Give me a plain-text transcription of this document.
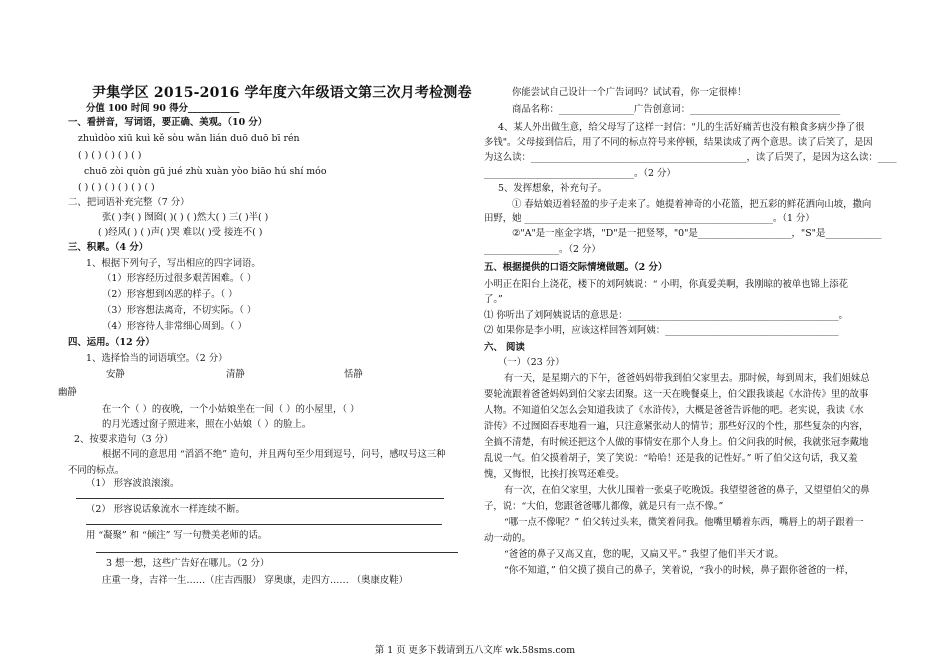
尹集学区 2015-2016 学年度六年级语文第三次月考检测卷
分值 100 时间 90 得分___________
一、看拼音，写词语，要正确、美观。（10 分）
zhuìdòo xiū kuì kě sòu wǎn lián duō duō bī rén
( ) ( ) ( ) ( ) ( )
chuō zòi quòn gū jué zhù xuàn yòo biāo hú shí móo
( ) ( ) ( ) ( ) ( ) ( )
二、把词语补充完整（7 分）
张( )李( ) 囫囵( )( ) ( )然大( ) 三( )半( )
( )经风( ) ( )声( )哭 难以( )受 接连不( )
三、积累。（4 分）
1、根据下列句子，写出相应的四字词语。
（1）形容经历过很多艰苦困难。（ ）
（2）形容想到凶恶的样子。（ ）
（3）形容想法离奇，不切实际。（ ）
（4）形容待人非常细心周到。（ ）
四、运用。（12 分）
1、选择恰当的词语填空。（2 分）
安静	清静	恬静
幽静
在一个（ ）的夜晚，一个小姑娘坐在一间（ ）的小屋里，（ ）
的月光透过窗子照进来，照在小姑娘（ ）的脸上。
2、按要求造句（3 分）
根据不同的意思用 “滔滔不绝” 造句，并且两句至少用到逗号，问号，感叹号这三种
不同的标点。
（1） 形容波浪滚滚。
（2） 形容说话象流水一样连续不断。
用 “凝聚” 和 “倾注” 写一句赞美老师的话。
3 想一想，这些广告好在哪儿。（2 分）
庄重一身，吉祥一生……（庄吉西服） 穿奥康，走四方…… （奥康皮鞋）
你能尝试自己设计一个广告词吗？试试看，你一定很棒！
商品名称：________________广告创意词：________________________________
4、某人外出做生意，给父母写了这样一封信："儿的生活好痛苦也没有粮食多病少挣了很
多钱"。父母接到信后，用了不同的标点符号来停顿，结果读成了两个意思。读了后笑了，是因
为这么读：______________________________________________，读了后哭了，是因为这么读：____
________________________________。（2 分）
5、发挥想象，补充句子。
① 春姑娘迈着轻盈的步子走来了。她提着神奇的小花篮，把五彩的鲜花洒向山坡，撒向
田野，她 _____________________________________________________。（1 分）
②"A"是一座金字塔，"D"是一把竖琴，"0"是____________________，"S"是____________
________________。（2 分）
五、根据提供的口语交际情境做题。（2 分）
小明正在阳台上浇花，楼下的刘阿姨说：“ 小明，你真爱美啊，我刚晾的被单也锦上添花
了。”
⑴ 你听出了刘阿姨说话的意思是：_____________________________________________。
⑵ 如果你是李小明，应该这样回答刘阿姨：_____________________________________
六、 阅读
（一）（23 分）
有一天，是星期六的下午，爸爸妈妈带我到伯父家里去。那时候，每到周末，我们姐妹总
要轮流跟着爸爸妈妈到伯父家去团聚。这一天在晚餐桌上，伯父跟我谈起《水浒传》里的故事
人物。不知道伯父怎么会知道我读了《水浒传》，大概是爸爸告诉他的吧。老实说，我读《水
浒传》不过囫囵吞枣地看一遍，只注意紧张动人的情节；那些好汉的个性，那些复杂的内容，
全搞不清楚，有时候还把这个人做的事情安在那个人身上。伯父问我的时候，我就张冠李戴地
乱说一气。伯父摸着胡子，笑了笑说：“哈哈！还是我的记性好。” 听了伯父这句话，我又羞
愧，又悔恨，比挨打挨骂还难受。
有一次，在伯父家里，大伙儿围着一张桌子吃晚饭。我望望爸爸的鼻子，又望望伯父的鼻
子，说：“大伯，您跟爸爸哪儿都像，就是只有一点不像。”
“哪一点不像呢？” 伯父转过头来，微笑着问我。他嘴里嚼着东西，嘴唇上的胡子跟着一
动一动的。
“爸爸的鼻子又高又直，您的呢，又扁又平。” 我望了他们半天才说。
“你不知道，” 伯父摸了摸自己的鼻子，笑着说，“我小的时候，鼻子跟你爸爸的一样，
第 1 页 更多下载请到五八文库 wk.58sms.com
